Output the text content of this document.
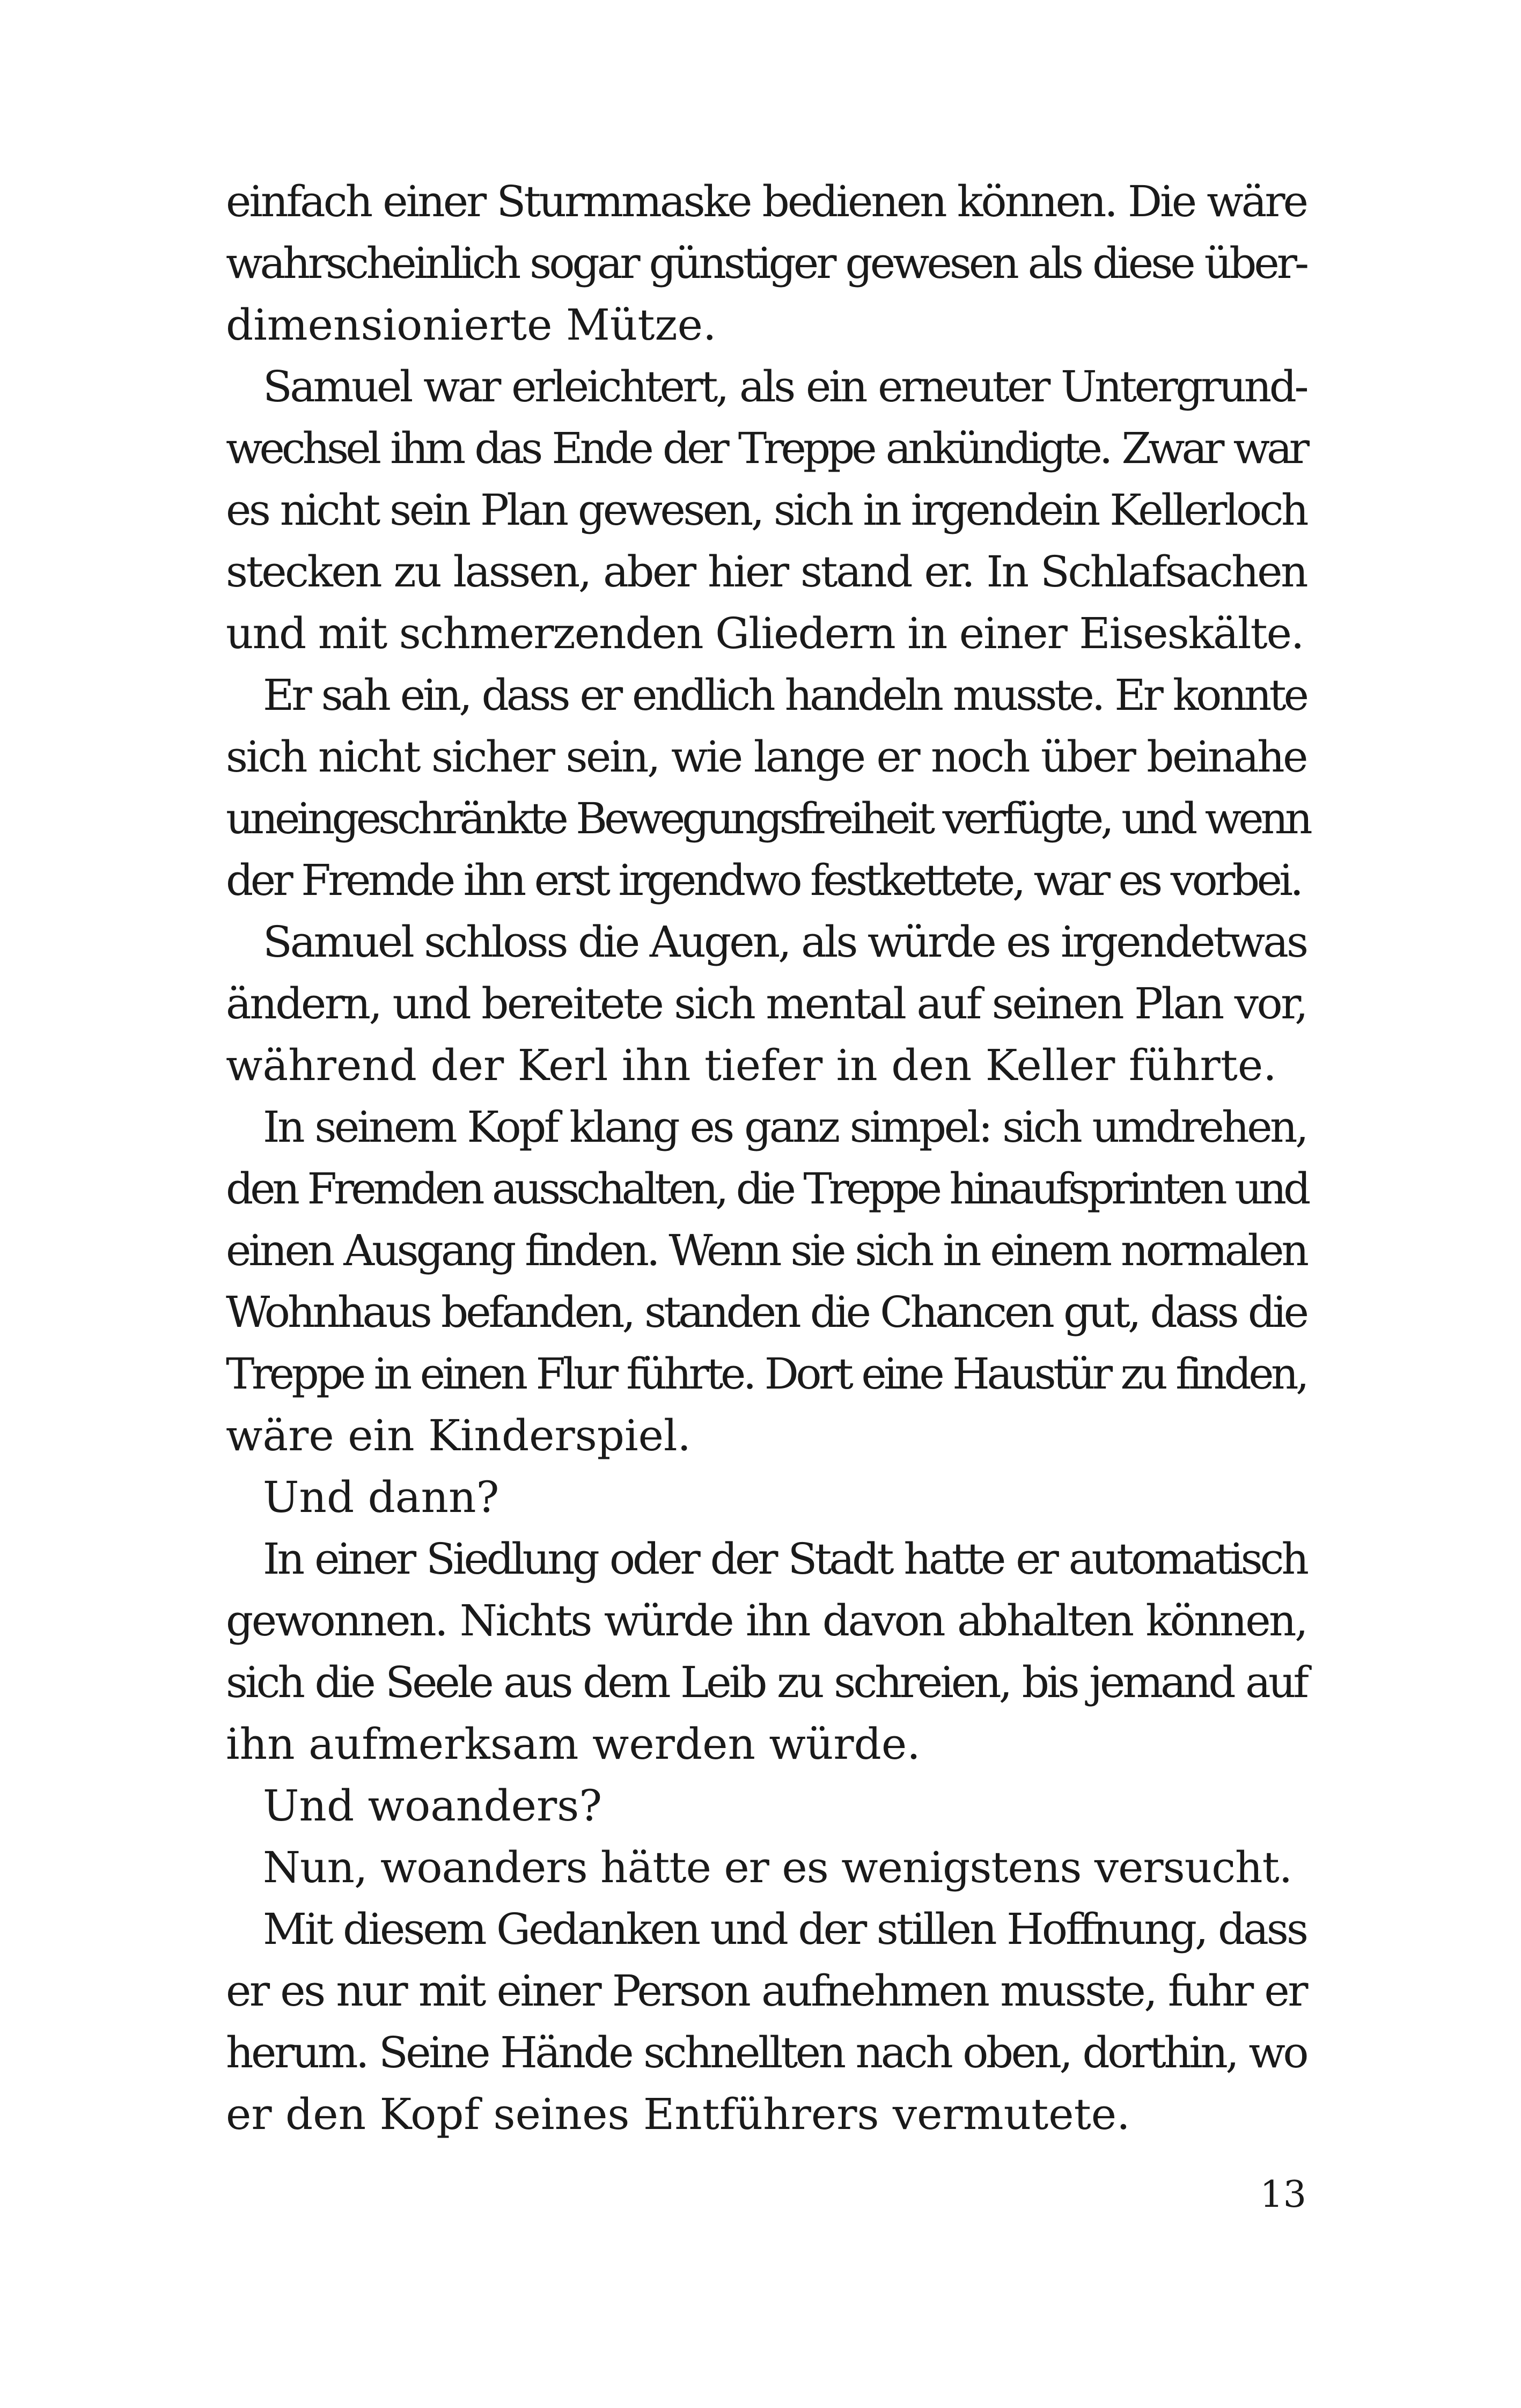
einfach einer Sturmmaske bedienen können. Die wäre
wahrscheinlich sogar günstiger gewesen als diese über-
dimensionierte Mütze.
Samuel war erleichtert, als ein erneuter Untergrund-
wechsel ihm das Ende der Treppe ankündigte. Zwar war
es nicht sein Plan gewesen, sich in irgendein Kellerloch
stecken zu lassen, aber hier stand er. In Schlafsachen
und mit schmerzenden Gliedern in einer Eiseskälte.
Er sah ein, dass er endlich handeln musste. Er konnte
sich nicht sicher sein, wie lange er noch über beinahe
uneingeschränkte Bewegungsfreiheit verfügte, und wenn
der Fremde ihn erst irgendwo festkettete, war es vorbei.
Samuel schloss die Augen, als würde es irgendetwas
ändern, und bereitete sich mental auf seinen Plan vor,
während der Kerl ihn tiefer in den Keller führte.
In seinem Kopf klang es ganz simpel: sich umdrehen,
den Fremden ausschalten, die Treppe hinaufsprinten und
einen Ausgang finden. Wenn sie sich in einem normalen
Wohnhaus befanden, standen die Chancen gut, dass die
Treppe in einen Flur führte. Dort eine Haustür zu finden,
wäre ein Kinderspiel.
Und dann?
In einer Siedlung oder der Stadt hatte er automatisch
gewonnen. Nichts würde ihn davon abhalten können,
sich die Seele aus dem Leib zu schreien, bis jemand auf
ihn aufmerksam werden würde.
Und woanders?
Nun, woanders hätte er es wenigstens versucht.
Mit diesem Gedanken und der stillen Hoffnung, dass
er es nur mit einer Person aufnehmen musste, fuhr er
herum. Seine Hände schnellten nach oben, dorthin, wo
er den Kopf seines Entführers vermutete.
13
